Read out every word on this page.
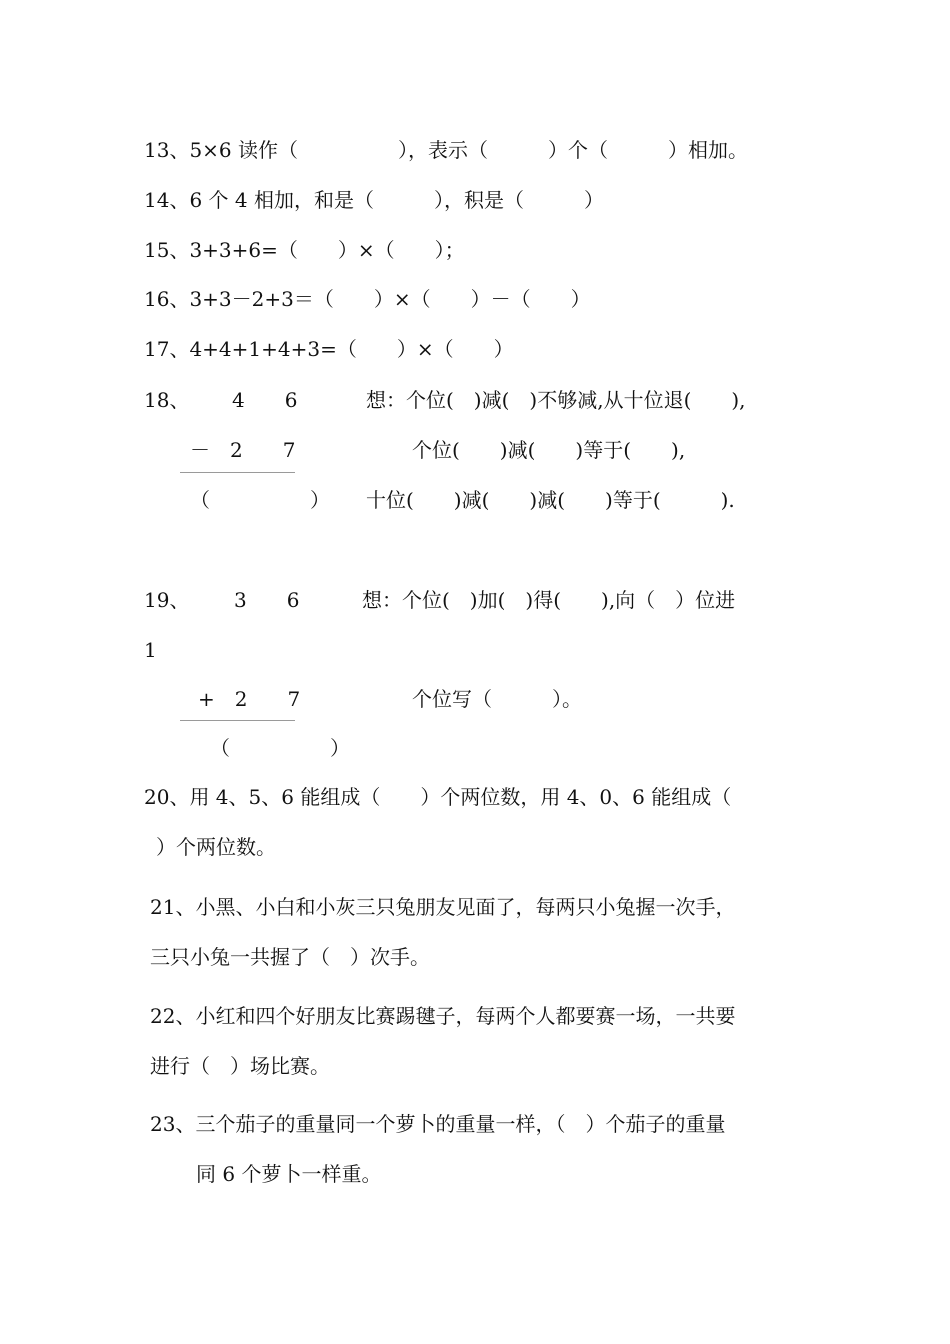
13、5×6 读作（　　　　　），表示（　　　）个（　　　）相加。
14、6 个 4 相加，和是（　　　），积是（　　　）
15、3+3+6=（　　）×（　　）；
16、3+3－2+3＝（　　）×（　　）－（　　）
17、4+4+1+4+3=（　　）×（　　）
18、 4　　6	想：个位(　)减(　)不够减,从十位退(　　),
－　2　　7	个位(　　)减(　　)等于(　　),
（　　　　　） 十位(　　)减(　　)减(　　)等于(　　　).
19、 3　　6	想：个位(　)加(　)得(　　),向（　）位进
1
+　2　　7	个位写（　　　）。
（　　　　　）
20、用 4、5、6 能组成（　　）个两位数，用 4、0、6 能组成（
）个两位数。
21、小黑、小白和小灰三只兔朋友见面了，每两只小兔握一次手，
三只小兔一共握了（　）次手。
22、小红和四个好朋友比赛踢毽子，每两个人都要赛一场，一共要
进行（　）场比赛。
23、三个茄子的重量同一个萝卜的重量一样，（　）个茄子的重量
同 6 个萝卜一样重。
